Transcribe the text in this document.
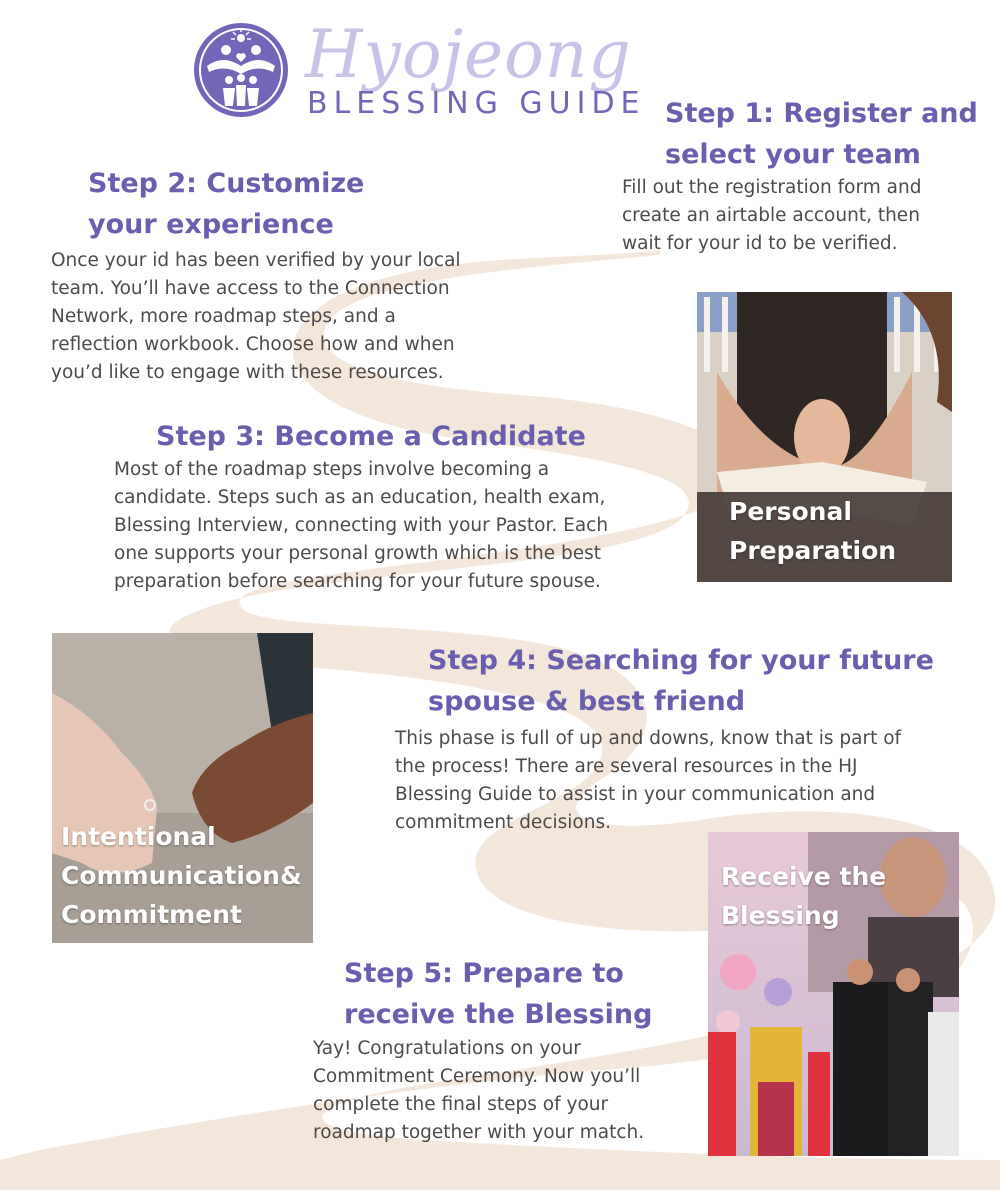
Hyojeong
BLESSING GUIDE Step 1: Register and
select your team

Fill out the registration form and
create an airtable account, then
wait for your id to be verified.

Step 2: Customize
your experience

Once your id has been verified by your local
team. You’ll have access to the Connection
Network, more roadmap steps, and a
reflection workbook. Choose how and when
you’d like to engage with these resources.

Step 3: Become a Candidate

Most of the roadmap steps involve becoming a
candidate. Steps such as an education, health exam,
Blessing Interview, connecting with your Pastor. Each
one supports your personal growth which is the best
preparation before searching for your future spouse.

Personal
Preparation
Intentional
Communication&
Commitment
Step 4: Searching for your future
spouse & best friend

This phase is full of up and downs, know that is part of
the process! There are several resources in the HJ
Blessing Guide to assist in your communication and
commitment decisions.

Receive the
Blessing
Step 5: Prepare to
receive the Blessing

Yay! Congratulations on your
Commitment Ceremony. Now you’ll
complete the final steps of your
roadmap together with your match.
